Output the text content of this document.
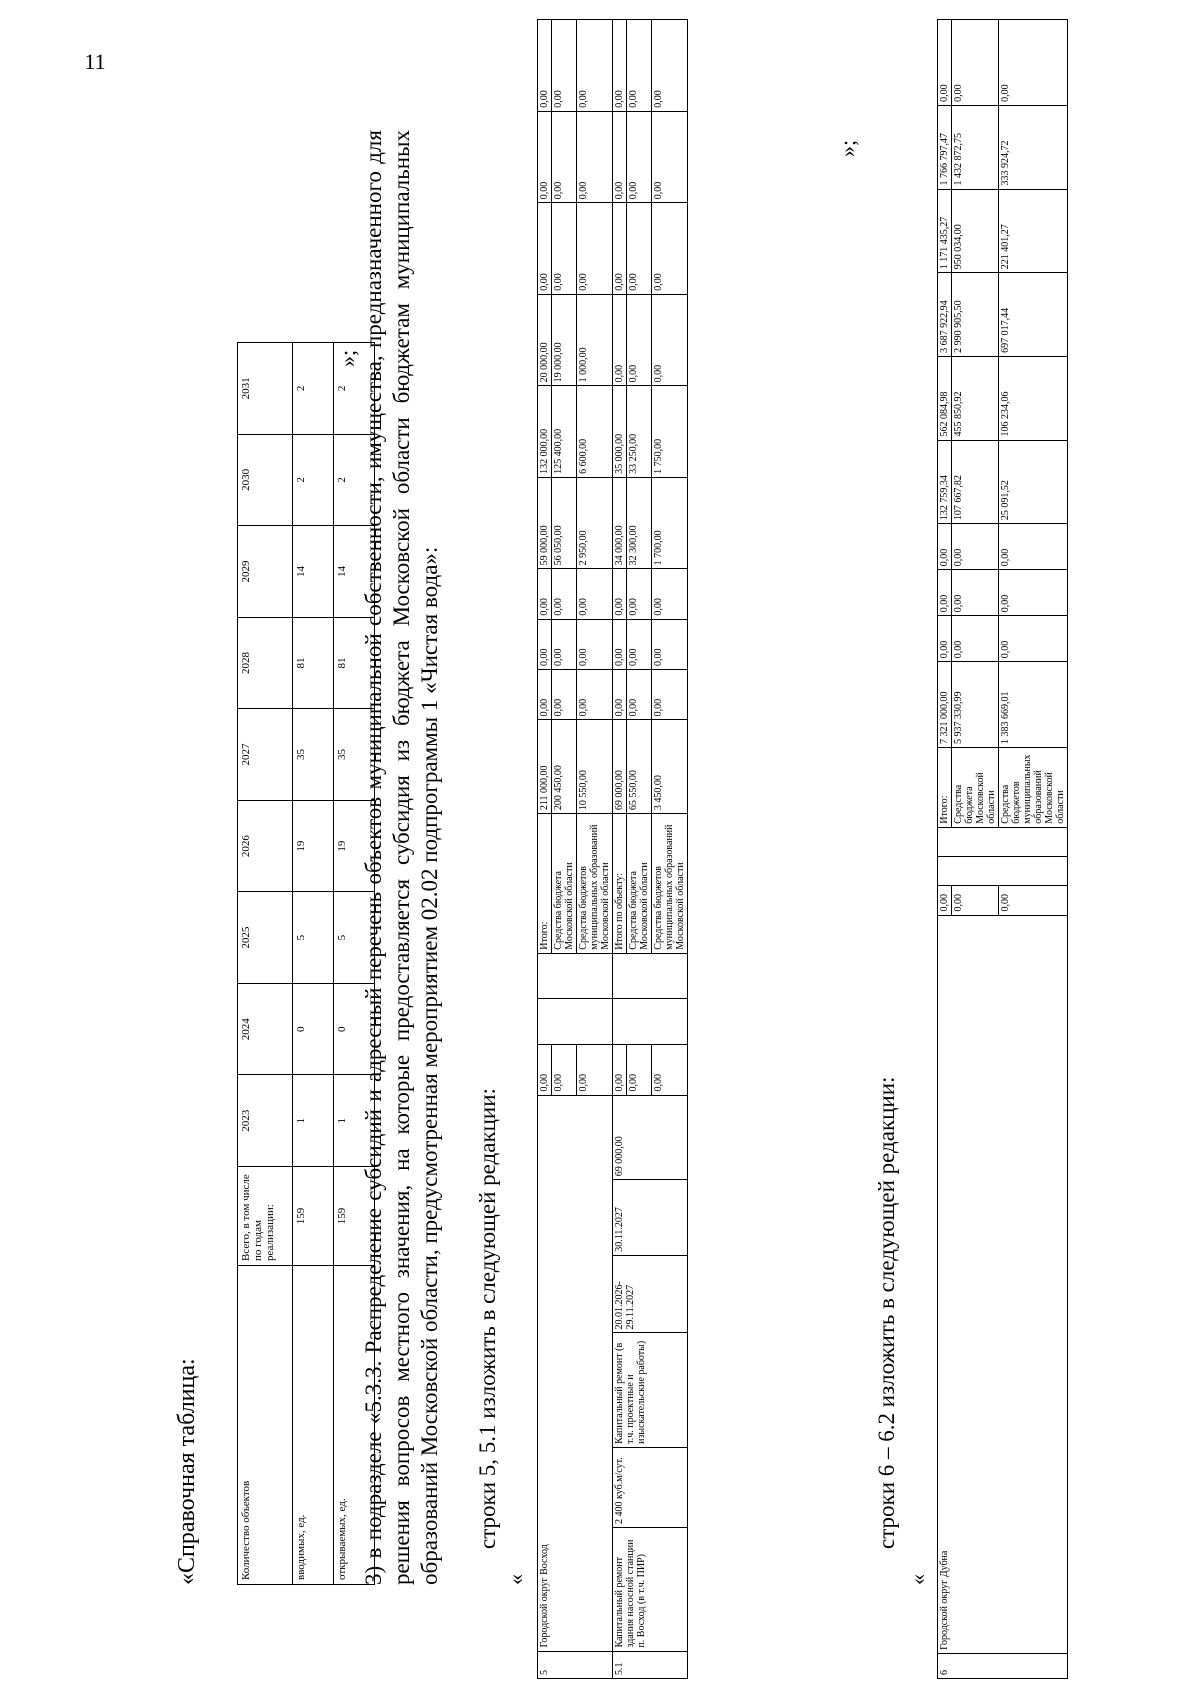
11
«Справочная таблица:	Количество объектов	Всего, в том числе по годам реализации:	2023	2024	2025	2026	2027	2028	2029	2030	2031
вводимых, ед.	159	1	0	5	19	35	81	14	2	2
открываемых, ед.	159	1	0	5	19	35	81	14	2	2
»; 3) в подразделе «5.3.3. Распределение субсидий и адресный перечень объектов муниципальной собственности, имущества, предназначенного для решения вопросов местного значения, на которые предоставляется субсидия из бюджета Московской области бюджетам муниципальных образований Московской области, предусмотренная мероприятием 02.02 подпрограммы 1 «Чистая вода»: строки 5, 5.1 изложить в следующей редакции:
«
5	Городской округ Восход						0,00			Итого:	211 000,00	0,00	0,00	0,00	59 000,00	132 000,00	20 000,00	0,00	0,00	0,00
							0,00			Средства бюджета Московской области	200 450,00	0,00	0,00	0,00	56 050,00	125 400,00	19 000,00	0,00	0,00	0,00
							0,00			Средства бюджетов муниципальных образований Московской области	10 550,00	0,00	0,00	0,00	2 950,00	6 600,00	1 000,00	0,00	0,00	0,00
5.1	Капитальный ремонт здания насосной станции п. Восход (в т.ч. ПИР)	2 400 куб.м/сут.	Капитальный ремонт (в т.ч. проектные и изыскательские работы)	20.01.2026-29.11.2027	30.11.2027	69 000,00	0,00			Итого по объекту:	69 000,00	0,00	0,00	0,00	34 000,00	35 000,00	0,00	0,00	0,00	0,00
							0,00			Средства бюджета Московской области	65 550,00	0,00	0,00	0,00	32 300,00	33 250,00	0,00	0,00	0,00	0,00
							0,00			Средства бюджетов муниципальных образований Московской области	3 450,00	0,00	0,00	0,00	1 700,00	1 750,00	0,00	0,00	0,00	0,00
»;
строки 6 – 6.2 изложить в следующей редакции:
«
6	Городской округ Дубна	0,00			Итого:	7 321 000,00	0,00	0,00	0,00	132 759,34	562 084,98	3 687 922,94	1 171 435,27	1 766 797,47	0,00
		0,00			Средства бюджета Московской области	5 937 330,99	0,00	0,00	0,00	107 667,82	455 850,92	2 990 905,50	950 034,00	1 432 872,75	0,00
		0,00			Средства бюджетов муниципальных образований Московской области	1 383 669,01	0,00	0,00	0,00	25 091,52	106 234,06	697 017,44	221 401,27	333 924,72	0,00
